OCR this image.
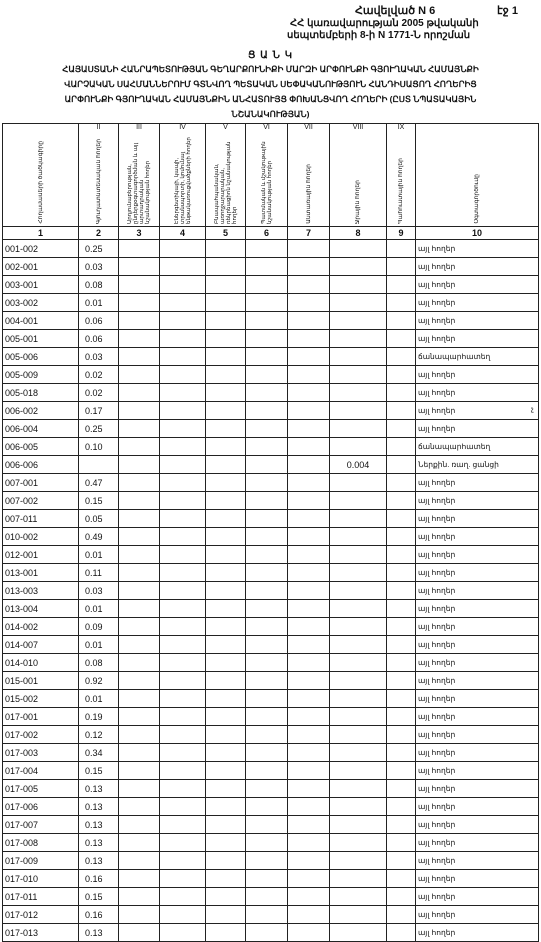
Հավելված N 6	էջ 1
ՀՀ կառավարության 2005 թվականի
սեպտեմբերի 8-ի N 1771-Ն որոշման
Ց Ա Ն Կ
ՀԱՅԱՍՏԱՆԻ ՀԱՆՐԱՊԵՏՈՒԹՅԱՆ ԳԵՂԱՐՔՈՒՆԻՔԻ ՄԱՐԶԻ ԱՐՓՈՒՆՔԻ ԳՅՈՒՂԱԿԱՆ ՀԱՄԱՅՆՔԻ
ՎԱՐՉԱԿԱՆ ՍԱՀՄԱՆՆԵՐՈՒՄ ԳՏՆՎՈՂ ՊԵՏԱԿԱՆ ՍԵՓԱԿԱՆՈՒԹՅՈՒՆ ՀԱՆԴԻՍԱՑՈՂ ՀՈՂԵՐԻՑ
ԱՐՓՈՒՆՔԻ ԳՅՈՒՂԱԿԱՆ ՀԱՄԱՅՆՔԻՆ ԱՆՀԱՏՈՒՅՑ ՓՈԽԱՆՑՎՈՂ ՀՈՂԵՐԻ (ԸՍՏ ՆՊԱՏԱԿԱՅԻՆ
ՆՇԱՆԱԿՈՒԹՅԱՆ)
	II	III	IV	V	VI	VII	VIII	IX	

Հողամասերի ծածկագիրը	Գյուղատնտեսական հողեր	Արդյունաբերության, ընդերքօգտագործման և այլ արտադրական նշանակության հողեր	Էներգետիկայի, կապի, տրանսպորտի, կոմունալ ենթակառուցվածքների հողեր	Բնապահպանական, առողջարարական, ռեկրեացիոն նշանակության հողեր	Պատմական և մշակութային նշանակության հողեր	Անտառային հողեր	Ջրային հողեր	Պահուստային հողեր	Օգտագործումը

1	2	3	4	5	6	7	8	9	10
001-002	0.25								այլ հողեր
002-001	0.03								այլ հողեր
003-001	0.08								այլ հողեր
003-002	0.01								այլ հողեր
004-001	0.06								այլ հողեր
005-001	0.06								այլ հողեր
005-006	0.03								ճանապարհատեղ
005-009	0.02								այլ հողեր
005-018	0.02								այլ հողեր
006-002	0.17								այլ հողեր
006-004	0.25								այլ հողեր
006-005	0.10								ճանապարհատեղ
006-006							0.004		Ներքին. ռաղ. ցանցի
007-001	0.47								այլ հողեր
007-002	0.15								այլ հողեր
007-011	0.05								այլ հողեր
010-002	0.49								այլ հողեր
012-001	0.01								այլ հողեր
013-001	0.11								այլ հողեր
013-003	0.03								այլ հողեր
013-004	0.01								այլ հողեր
014-002	0.09								այլ հողեր
014-007	0.01								այլ հողեր
014-010	0.08								այլ հողեր
015-001	0.92								այլ հողեր
015-002	0.01								այլ հողեր
017-001	0.19								այլ հողեր
017-002	0.12								այլ հողեր
017-003	0.34								այլ հողեր
017-004	0.15								այլ հողեր
017-005	0.13								այլ հողեր
017-006	0.13								այլ հողեր
017-007	0.13								այլ հողեր
017-008	0.13								այլ հողեր
017-009	0.13								այլ հողեր
017-010	0.16								այլ հողեր
017-011	0.15								այլ հողեր
017-012	0.16								այլ հողեր
017-013	0.13								այլ հողեր
չ
